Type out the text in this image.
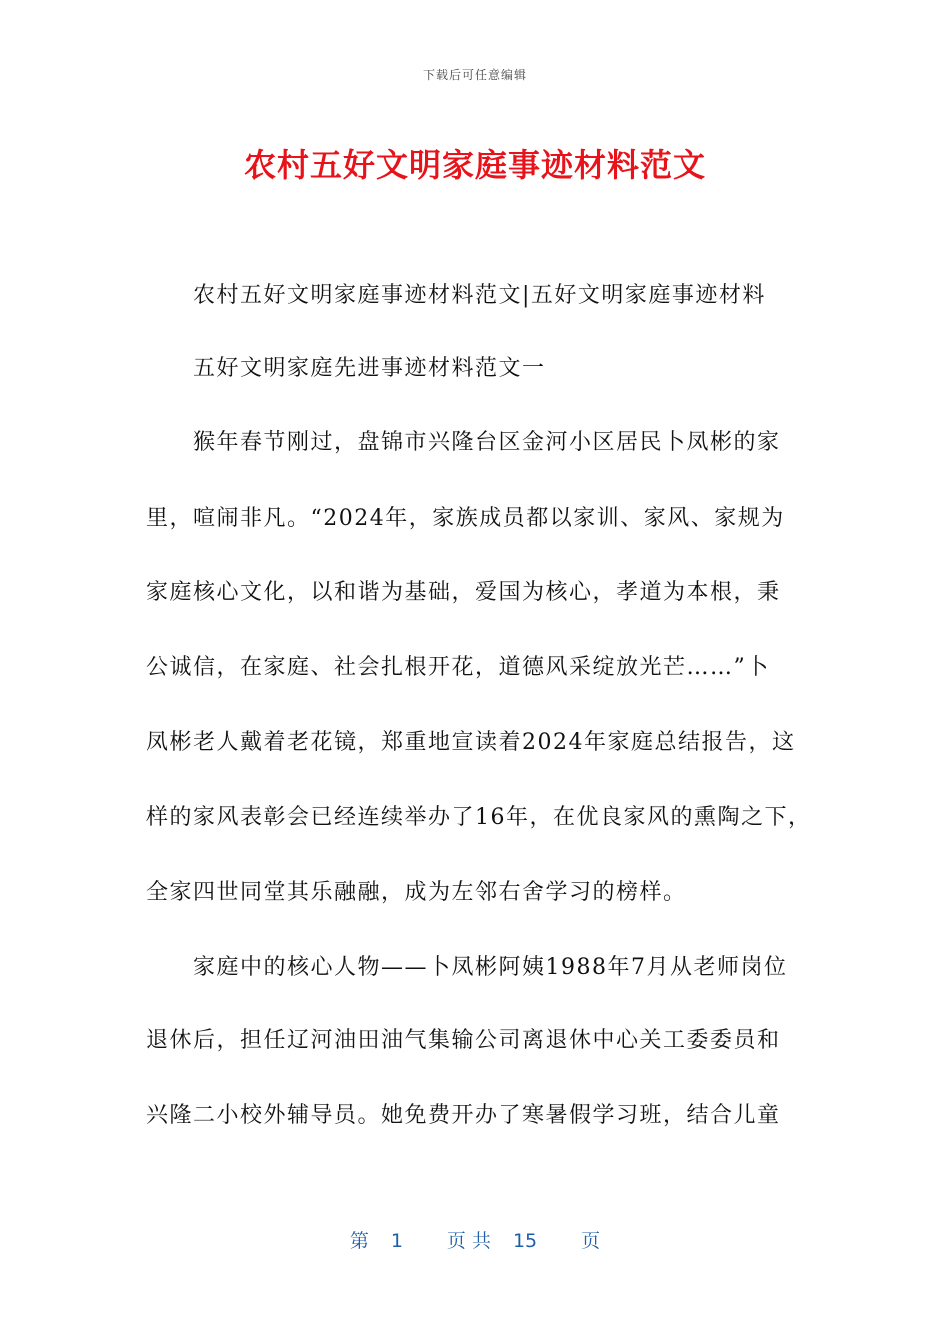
下载后可任意编辑
农村五好文明家庭事迹材料范文
农村五好文明家庭事迹材料范文|五好文明家庭事迹材料
五好文明家庭先进事迹材料范文一
猴年春节刚过，盘锦市兴隆台区金河小区居民卜凤彬的家
里，喧闹非凡。“2024年，家族成员都以家训、家风、家规为
家庭核心文化，以和谐为基础，爱国为核心，孝道为本根，秉
公诚信，在家庭、社会扎根开花，道德风采绽放光芒……”卜
凤彬老人戴着老花镜，郑重地宣读着2024年家庭总结报告，这
样的家风表彰会已经连续举办了16年，在优良家风的熏陶之下，
全家四世同堂其乐融融，成为左邻右舍学习的榜样。
家庭中的核心人物——卜凤彬阿姨1988年7月从老师岗位
退休后，担任辽河油田油气集输公司离退休中心关工委委员和
兴隆二小校外辅导员。她免费开办了寒暑假学习班，结合儿童
第 1 页 共 15 页
